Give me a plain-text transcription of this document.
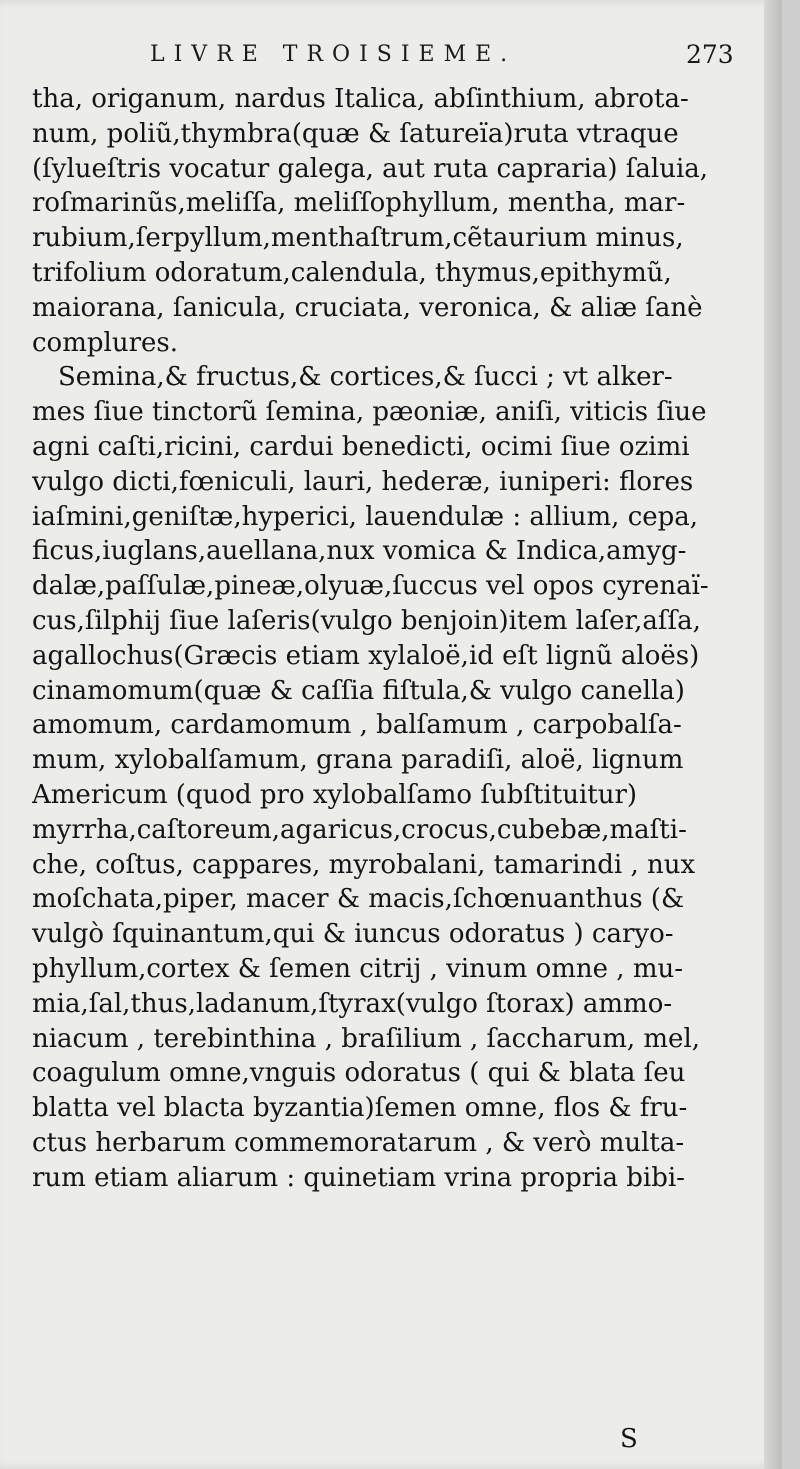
LIVRE TROISIEME.	273
tha, origanum, nardus Italica, abſinthium, abrota-
num, poliũ,thymbra(quæ & ſatureïa)ruta vtraque
(ſylueſtris vocatur galega, aut ruta capraria) ſaluia,
roſmarinũs,meliſſa, meliſſophyllum, mentha, mar-
rubium,ſerpyllum,menthaſtrum,cẽtaurium minus,
trifolium odoratum,calendula, thymus,epithymũ,
maiorana, ſanicula, cruciata, veronica, & aliæ ſanè
complures.
Semina,& fructus,& cortices,& ſucci ; vt alker-
mes ſiue tinctorũ ſemina, pæoniæ, aniſi, viticis ſiue
agni caſti,ricini, cardui benedicti, ocimi ſiue ozimi
vulgo dicti,fœniculi, lauri, hederæ, iuniperi: flores
iaſmini,geniſtæ,hyperici, lauendulæ : allium, cepa,
ficus,iuglans,auellana,nux vomica & Indica,amyg-
dalæ,paſſulæ,pineæ,olyuæ,ſuccus vel opos cyrenaï-
cus,ſilphij ſiue laſeris(vulgo benjoin)item laſer,aſſa,
agallochus(Græcis etiam xylaloë,id eſt lignũ aloës)
cinamomum(quæ & caſſia fiſtula,& vulgo canella)
amomum, cardamomum , balſamum , carpobalſa-
mum, xylobalſamum, grana paradiſi, aloë, lignum
Americum (quod pro xylobalſamo ſubſtituitur)
myrrha,caſtoreum,agaricus,crocus,cubebæ,maſti-
che, coſtus, cappares, myrobalani, tamarindi , nux
moſchata,piper, macer & macis,ſchœnuanthus (&
vulgò ſquinantum,qui & iuncus odoratus ) caryo-
phyllum,cortex & ſemen citrij , vinum omne , mu-
mia,ſal,thus,ladanum,ſtyrax(vulgo ſtorax) ammo-
niacum , terebinthina , braſilium , ſaccharum, mel,
coagulum omne,vnguis odoratus ( qui & blata ſeu
blatta vel blacta byzantia)ſemen omne, flos & fru-
ctus herbarum commemoratarum , & verò multa-
rum etiam aliarum : quinetiam vrina propria bibi-
S
